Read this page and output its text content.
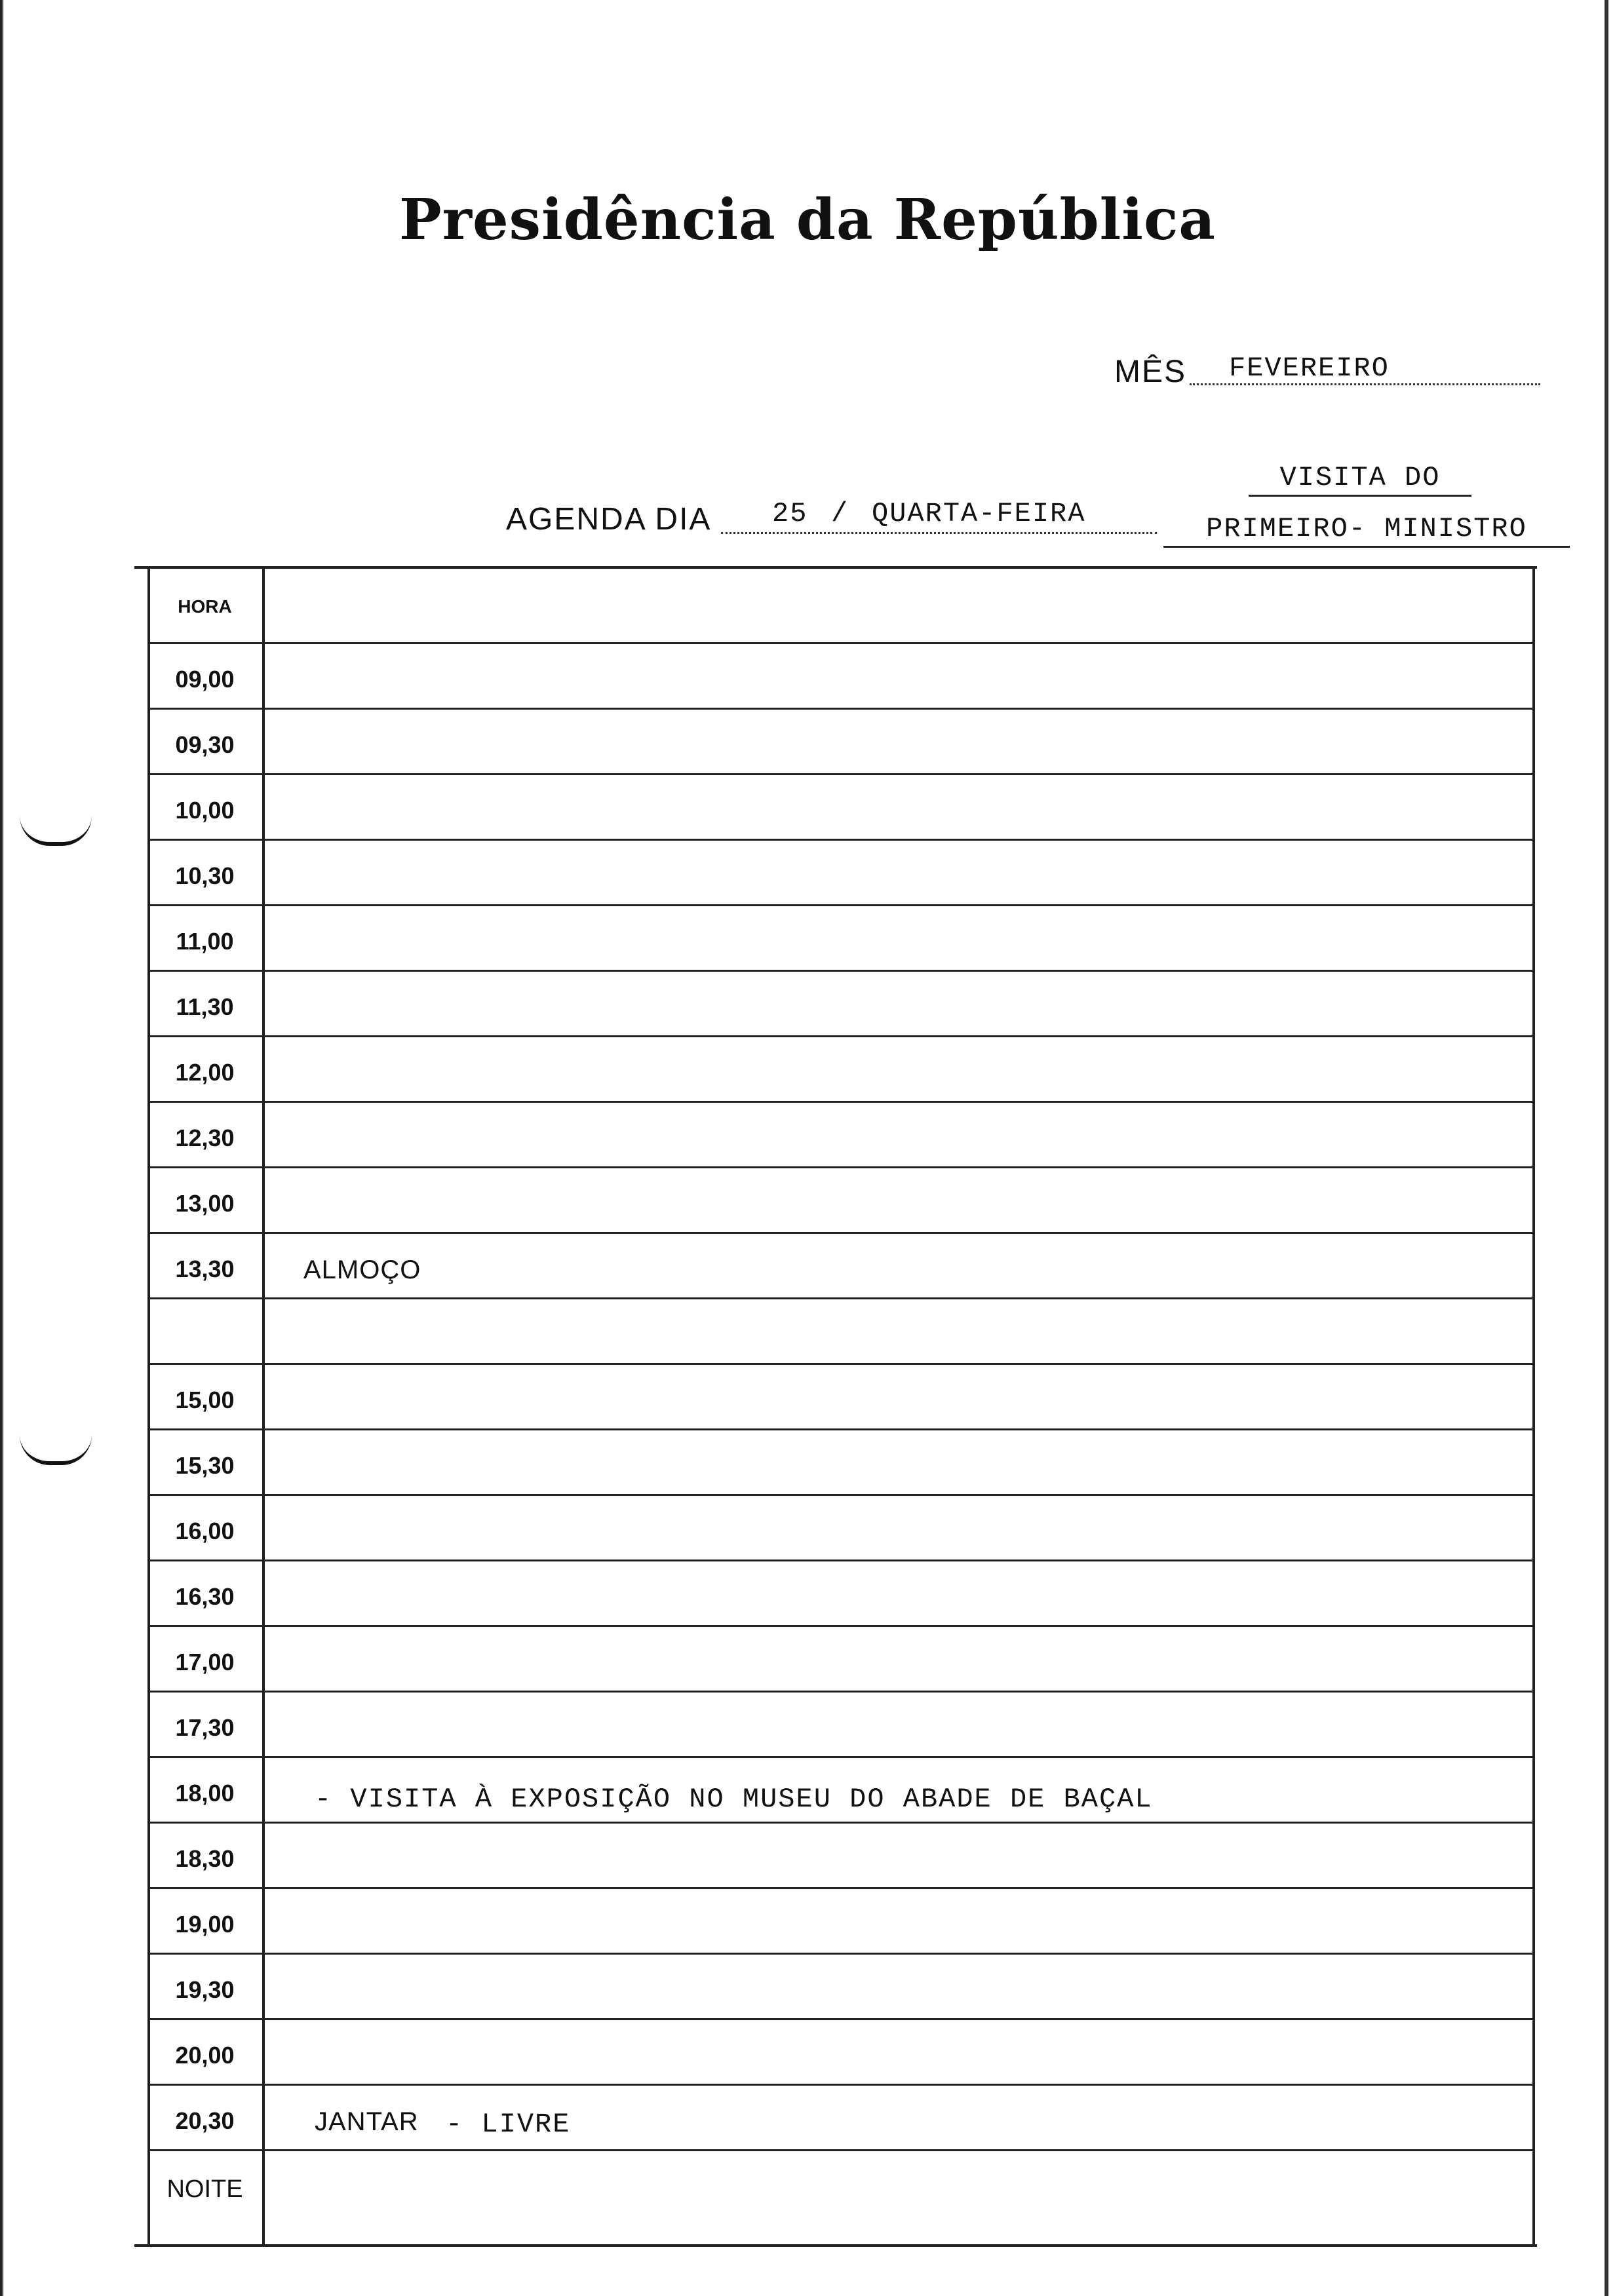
Presidência da República
MÊS FEVEREIRO
AGENDA DIA 25 / QUARTA-FEIRA
VISITA DO
PRIMEIRO- MINISTRO
HORA
09,00
09,30
10,00
10,30
11,00
11,30
12,00
12,30
13,00
13,30	ALMOÇO
15,00
15,30
16,00
16,30
17,00
17,30
18,00	- VISITA À EXPOSIÇÃO NO MUSEU DO ABADE DE BAÇAL
18,30
19,00
19,30
20,00
20,30	JANTAR - LIVRE
NOITE
